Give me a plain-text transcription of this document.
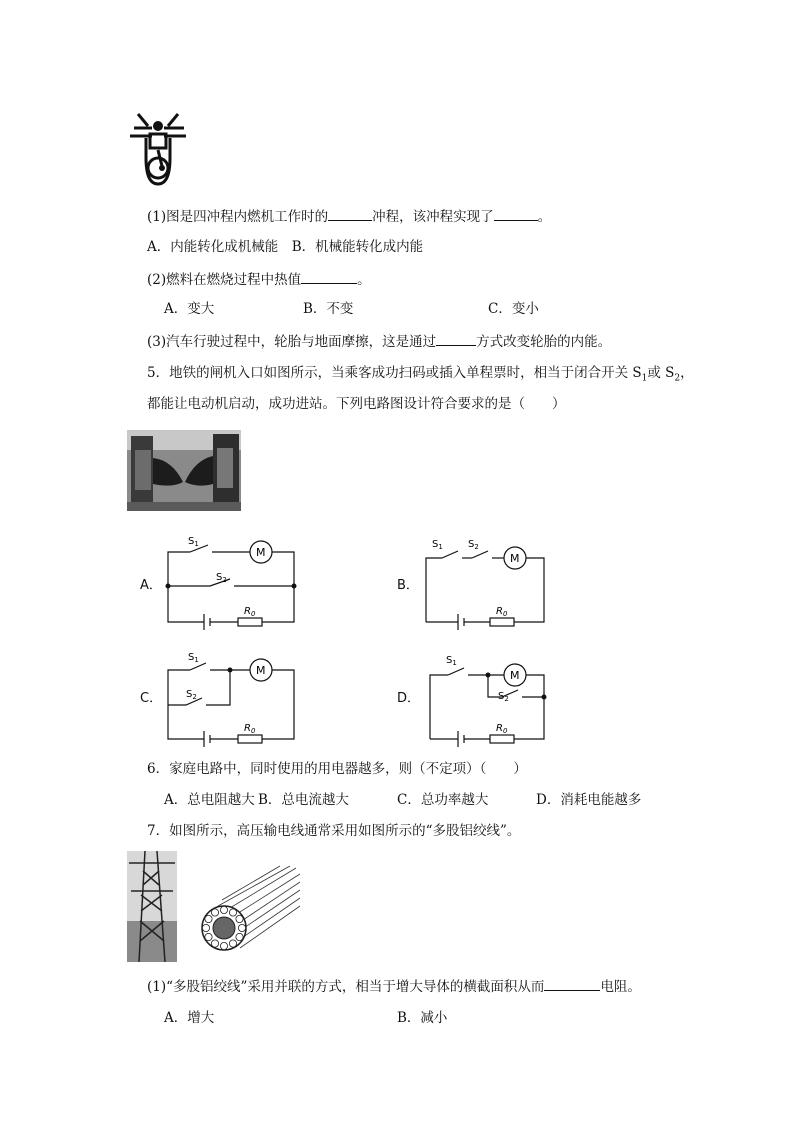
(1)图是四冲程内燃机工作时的	冲程，该冲程实现了	。
A．内能转化成机械能　B．机械能转化成内能
(2)燃料在燃烧过程中热值	。
A．变大	B．不变	C．变小
(3)汽车行驶过程中，轮胎与地面摩擦，这是通过	方式改变轮胎的内能。
5．地铁的闸机入口如图所示，当乘客成功扫码或插入单程票时，相当于闭合开关 $S_1$或 $S_2$，
都能让电动机启动，成功进站。下列电路图设计符合要求的是（　　）
A．
$S_1$
$S_2$
M
$R_0$
B．
$S_1$	$S_2$
M
$R_0$
C．
$S_1$
$S_2$
M
$R_0$
D．
$S_1$
$S_2$
M
$R_0$
6．家庭电路中，同时使用的用电器越多，则（不定项）（　　）
A．总电阻越大 B．总电流越大	C．总功率越大	D．消耗电能越多
7．如图所示，高压输电线通常采用如图所示的“多股铝绞线”。
(1)“多股铝绞线”采用并联的方式，相当于增大导体的横截面积从而	电阻。
A．增大	B．减小
